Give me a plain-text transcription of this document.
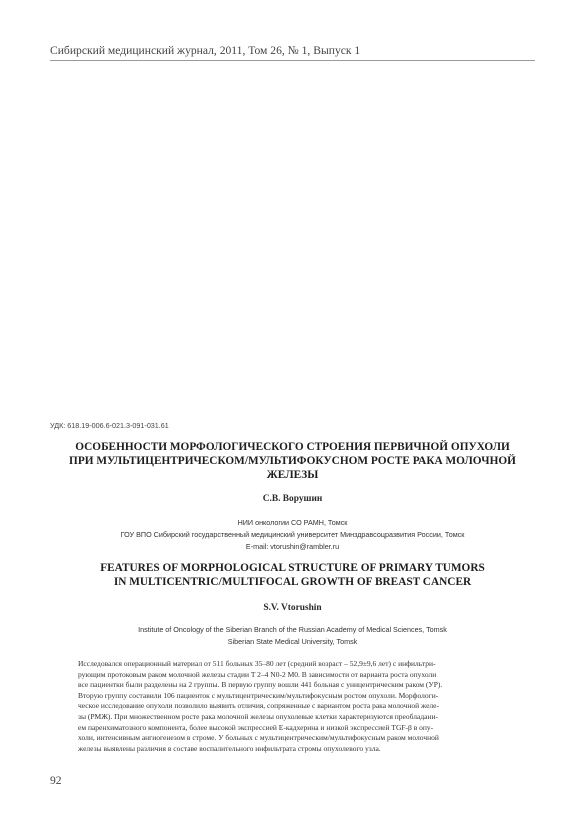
Сибирский медицинский журнал, 2011, Том 26, № 1, Выпуск 1
УДК: 618.19-006.6-021.3-091-031.61
ОСОБЕННОСТИ МОРФОЛОГИЧЕСКОГО СТРОЕНИЯ ПЕРВИЧНОЙ ОПУХОЛИ
ПРИ МУЛЬТИЦЕНТРИЧЕСКОМ/МУЛЬТИФОКУСНОМ РОСТЕ РАКА МОЛОЧНОЙ
ЖЕЛЕЗЫ
С.В. Ворушин
НИИ онкологии СО РАМН, Томск
ГОУ ВПО Сибирский государственный медицинский университет Минздравсоцразвития России, Томск
E-mail: vtorushin@rambler.ru
FEATURES OF MORPHOLOGICAL STRUCTURE OF PRIMARY TUMORS
IN MULTICENTRIC/MULTIFOCAL GROWTH OF BREAST CANCER
S.V. Vtorushin
Institute of Oncology of the Siberian Branch of the Russian Academy of Medical Sciences, Tomsk
Siberian State Medical University, Tomsk
Исследовался операционный материал от 511 больных 35–80 лет (средний возраст – 52,9±9,6 лет) с инфильтри-
рующим протоковым раком молочной железы стадии T 2–4 N0-2 M0. В зависимости от варианта роста опухоли
все пациентки были разделены на 2 группы. В первую группу вошли 441 больная с уницентрическим раком (УР).
Вторую группу составили 106 пациенток с мультицентрическим/мультифокусным ростом опухоли. Морфологи-
ческое исследование опухоли позволило выявить отличия, сопряженные с вариантом роста рака молочной желе-
зы (РМЖ). При множественном росте рака молочной железы опухолевые клетки характеризуются преобладани-
ем паренхиматозного компонента, более высокой экспрессией E-кадхерина и низкой экспрессией TGF-β в опу-
холи, интенсивным ангиогенезом в строме. У больных с мультицентрическим/мультифокусным раком молочной
железы выявлены различия в составе воспалительного инфильтрата стромы опухолевого узла.
92
